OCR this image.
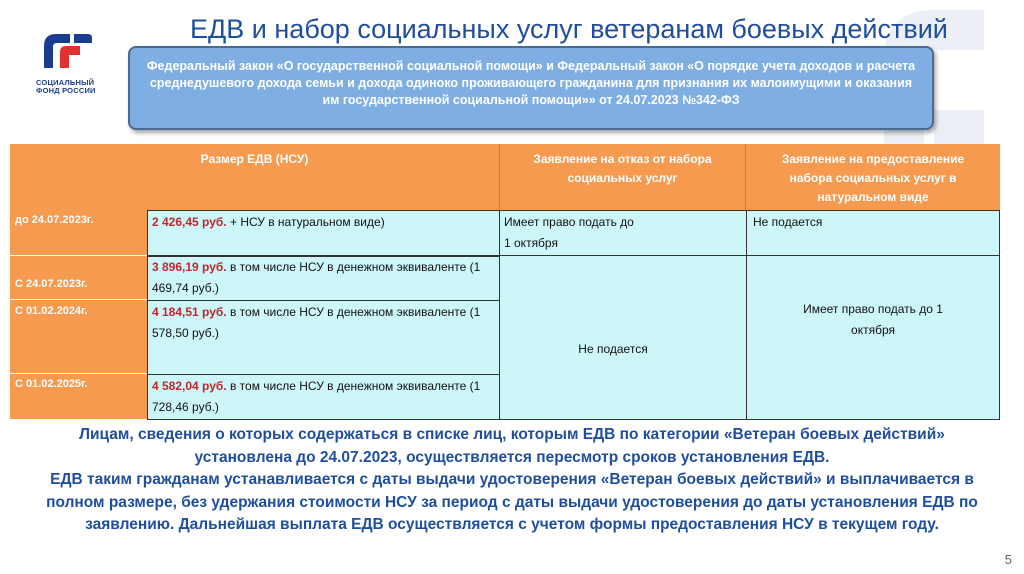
СОЦИАЛЬНЫЙ
ФОНД РОССИИ
ЕДВ и набор социальных услуг ветеранам боевых действий
Федеральный закон «О государственной социальной помощи» и Федеральный закон «О порядке учета доходов и расчета среднедушевого дохода семьи и дохода одиноко проживающего гражданина для признания их малоимущими и оказания им государственной социальной помощи»» от 24.07.2023 №342-ФЗ
Размер ЕДВ (НСУ)	Заявление на отказ от набора социальных услуг
Заявление на предоставление набора социальных услуг в натуральном виде
до 24.07.2023г.
С 24.07.2023г.
С 01.02.2024г.
С 01.02.2025г.
2 426,45 руб. + НСУ в натуральном виде)
3 896,19 руб. в том числе НСУ в денежном эквиваленте (1 469,74 руб.)
4 184,51 руб. в том числе НСУ в денежном эквиваленте (1 578,50 руб.)
4 582,04 руб. в том числе НСУ в денежном эквиваленте (1 728,46 руб.)
Имеет право подать до 1 октября
Не подается
Не подается
Имеет право подать до 1 октября

Лицам, сведения о которых содержаться в списке лиц, которым ЕДВ по категории «Ветеран боевых действий» установлена до 24.07.2023, осуществляется пересмотр сроков установления ЕДВ.

ЕДВ таким гражданам устанавливается с даты выдачи удостоверения «Ветеран боевых действий» и выплачивается в полном размере, без удержания стоимости НСУ за период с даты выдачи удостоверения до даты установления ЕДВ по заявлению. Дальнейшая выплата ЕДВ осуществляется с учетом формы предоставления НСУ в текущем году.

5
